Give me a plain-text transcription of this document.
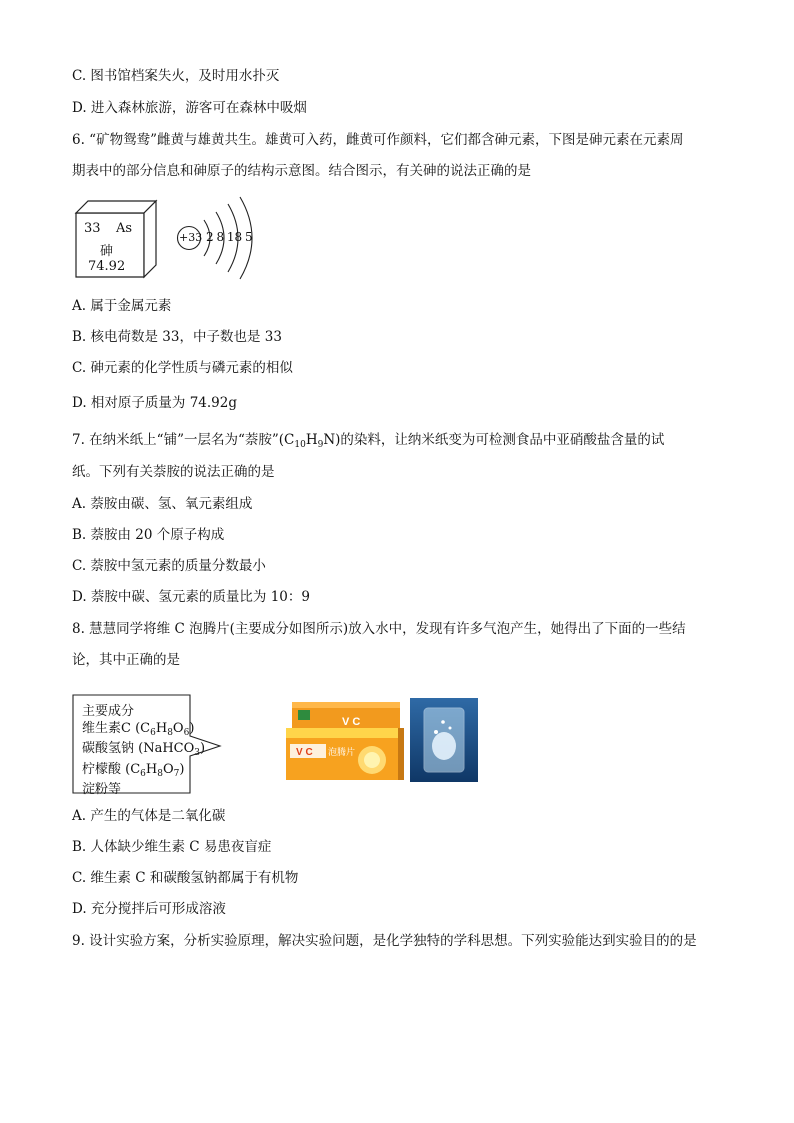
C. 图书馆档案失火，及时用水扑灭
D. 进入森林旅游，游客可在森林中吸烟
6. “矿物鸳鸯”雌黄与雄黄共生。雄黄可入药，雌黄可作颜料，它们都含砷元素，下图是砷元素在元素周
期表中的部分信息和砷原子的结构示意图。结合图示，有关砷的说法正确的是
33 As
砷
74.92
+33 2 8 18 5
A. 属于金属元素
B. 核电荷数是 33，中子数也是 33
C. 砷元素的化学性质与磷元素的相似
D. 相对原子质量为 74.92g
7. 在纳米纸上“铺”一层名为“萘胺$”(C_{10}H_9N)$的染料，让纳米纸变为可检测食品中亚硝酸盐含量的试
纸。下列有关萘胺的说法正确的是
A. 萘胺由碳、氢、氧元素组成
B. 萘胺由 20 个原子构成
C. 萘胺中氢元素的质量分数最小
D. 萘胺中碳、氢元素的质量比为 10：9
8. 慧慧同学将维 C 泡腾片(主要成分如图所示)放入水中，发现有许多气泡产生，她得出了下面的一些结
论，其中正确的是
主要成分
维生素C $(C_6H_8O_6)$
碳酸氢钠 (NaHCO$_3$)
柠檬酸 $(C_6H_8O_7)$
淀粉等
V C
V C 泡腾片
A. 产生的气体是二氧化碳
B. 人体缺少维生素 C 易患夜盲症
C. 维生素 C 和碳酸氢钠都属于有机物
D. 充分搅拌后可形成溶液
9. 设计实验方案，分析实验原理，解决实验问题，是化学独特的学科思想。下列实验能达到实验目的的是
